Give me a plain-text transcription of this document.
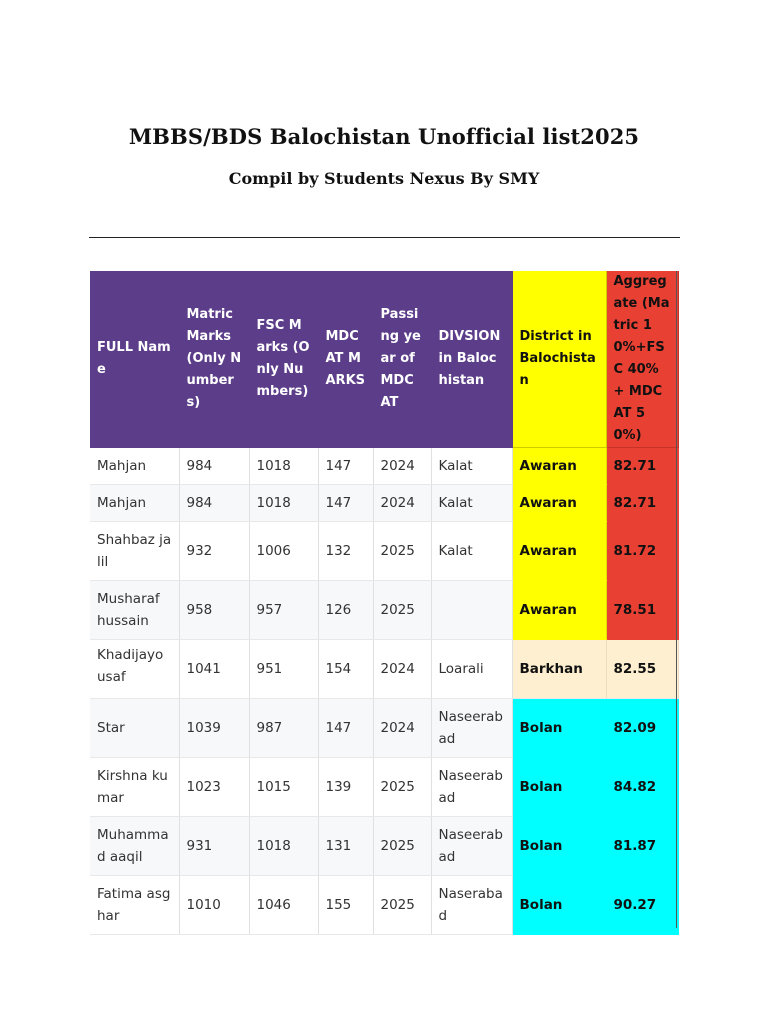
MBBS/BDS Balochistan Unofficial list2025
Compil by Students Nexus By SMY
FULL Name	Matric Marks (Only Numbers)	FSC Marks (Only Numbers)	MDCAT MARKS	Passing year of MDCAT	DIVSION in Balochistan	District in Balochistan	Aggregate (Matric 10%+FSC 40% + MDCAT 50%)
Mahjan	984	1018	147	2024	Kalat	Awaran	82.71
Mahjan	984	1018	147	2024	Kalat	Awaran	82.71
Shahbaz jalil	932	1006	132	2025	Kalat	Awaran	81.72
Musharaf hussain	958	957	126	2025		Awaran	78.51
Khadijayousaf	1041	951	154	2024	Loarali	Barkhan	82.55
Star	1039	987	147	2024	Naseerabad	Bolan	82.09
Kirshna kumar	1023	1015	139	2025	Naseerabad	Bolan	84.82
Muhammad aaqil	931	1018	131	2025	Naseerabad	Bolan	81.87
Fatima asghar	1010	1046	155	2025	Naserabad	Bolan	90.27
